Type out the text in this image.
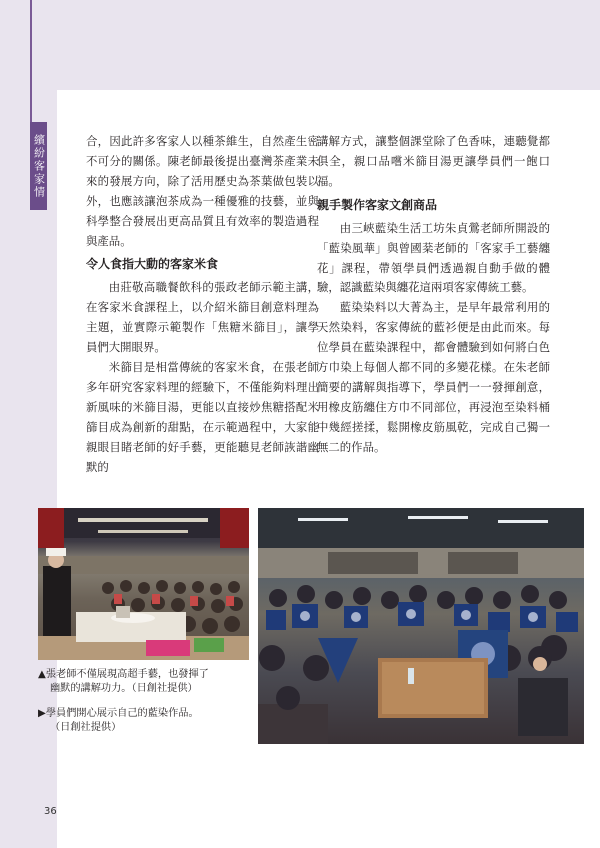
繽紛客家情	合，因此許多客家人以種茶維生，自然產生密不可分的關係。陳老師最後提出臺灣茶產業未來的發展方向，除了活用歷史為茶葉做包裝以外，也應該讓泡茶成為一種優雅的技藝，並與科學整合發展出更高品質且有效率的製造過程與產品。

令人食指大動的客家米食

由莊敬高職餐飲科的張政老師示範主講，在客家米食課程上，以介紹米篩目創意料理為主題，並實際示範製作「焦糖米篩目」，讓學員們大開眼界。

米篩目是相當傳統的客家米食，在張老師多年研究客家料理的經驗下，不僅能夠料理出新風味的米篩目湯，更能以直接炒焦糖搭配米篩目成為創新的甜點，在示範過程中，大家能親眼目睹老師的好手藝，更能聽見老師詼諧幽默的

講解方式，讓整個課堂除了色香味，連聽覺都俱全，親口品嚐米篩目湯更讓學員們一飽口福。

親手製作客家文創商品

由三峽藍染生活工坊朱貞鶯老師所開設的「藍染風華」與曾國棻老師的「客家手工藝纏花」課程，帶領學員們透過親自動手做的體驗，認識藍染與纏花這兩項客家傳統工藝。

藍染染料以大菁為主，是早年最常利用的天然染料，客家傳統的藍衫便是由此而來。每位學員在藍染課程中，都會體驗到如何將白色方巾染上每個人都不同的多變花樣。在朱老師簡要的講解與指導下，學員們一一發揮創意，用橡皮筋纏住方巾不同部位，再浸泡至染料桶中幾經搓揉，鬆開橡皮筋風乾，完成自己獨一無二的作品。

▲張老師不僅展現高超手藝，也發揮了
幽默的講解功力。（日創社提供）
▶學員們開心展示自己的藍染作品。
（日創社提供）
36
